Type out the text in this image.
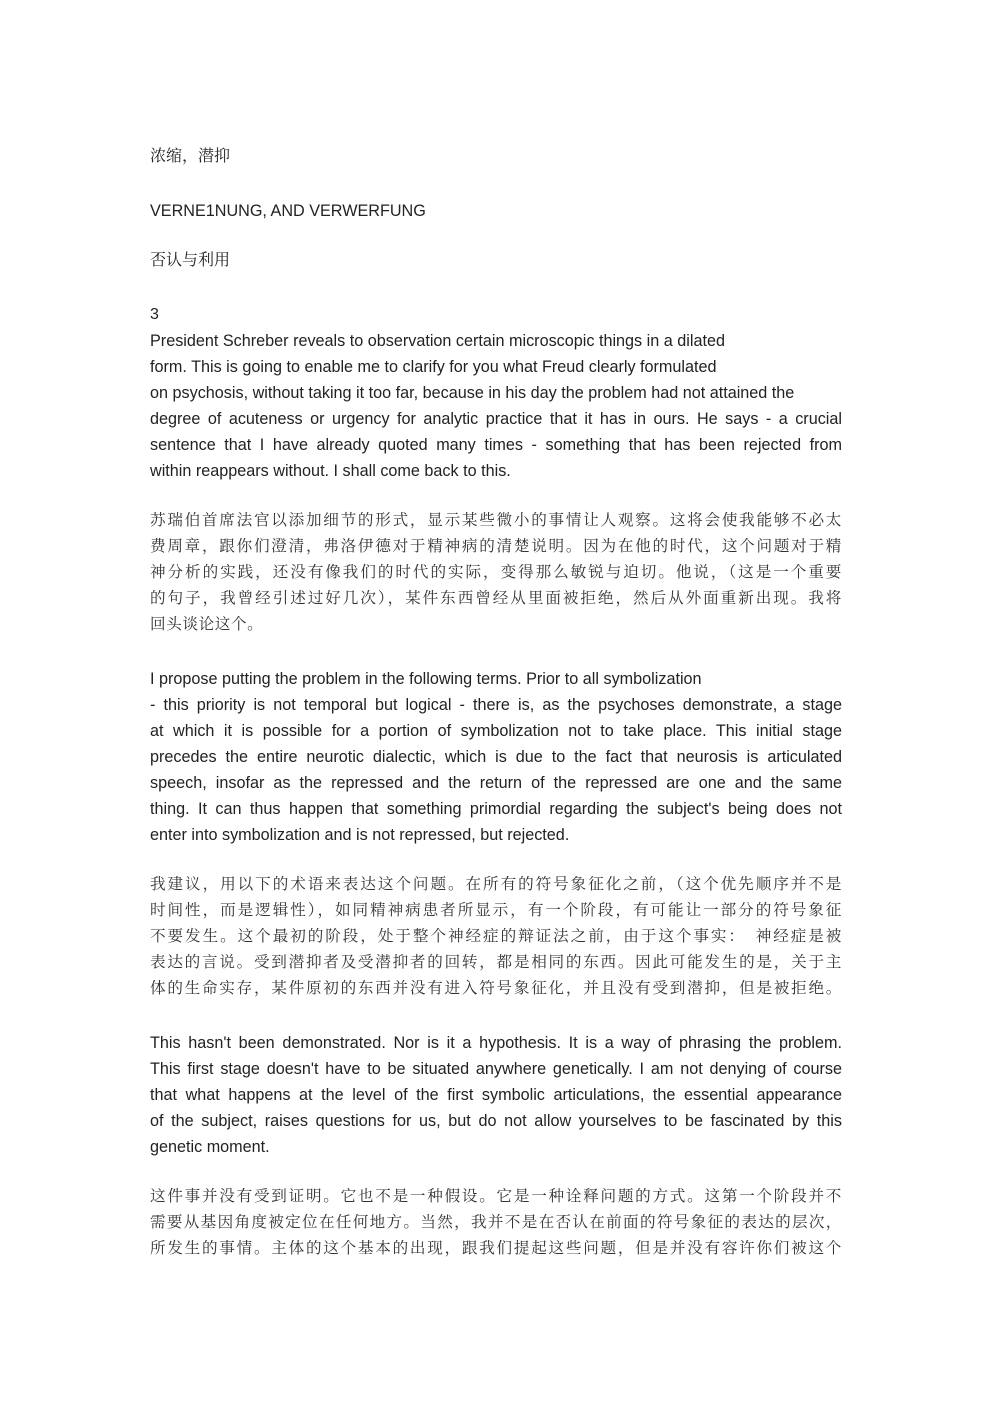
浓缩，潜抑

VERNE1NUNG, AND VERWERFUNG

否认与利用

3

President Schreber reveals to observation certain microscopic things in a dilated
form. This is going to enable me to clarify for you what Freud clearly formulated
on psychosis, without taking it too far, because in his day the problem had not attained the
degree of acuteness or urgency for analytic practice that it has in ours. He says - a crucial
sentence that I have already quoted many times - something that has been rejected from
within reappears without. I shall come back to this.
苏瑞伯首席法官以添加细节的形式，显示某些微小的事情让人观察。这将会使我能够不必太
费周章，跟你们澄清，弗洛伊德对于精神病的清楚说明。因为在他的时代，这个问题对于精
神分析的实践，还没有像我们的时代的实际，变得那么敏锐与迫切。他说，（这是一个重要
的句子，我曾经引述过好几次），某件东西曾经从里面被拒绝，然后从外面重新出现。我将
回头谈论这个。
I propose putting the problem in the following terms. Prior to all symbolization
- this priority is not temporal but logical - there is, as the psychoses demonstrate, a stage
at which it is possible for a portion of symbolization not to take place. This initial stage
precedes the entire neurotic dialectic, which is due to the fact that neurosis is articulated
speech, insofar as the repressed and the return of the repressed are one and the same
thing. It can thus happen that something primordial regarding the subject's being does not
enter into symbolization and is not repressed, but rejected.
我建议，用以下的术语来表达这个问题。在所有的符号象征化之前，（这个优先顺序并不是
时间性，而是逻辑性），如同精神病患者所显示，有一个阶段，有可能让一部分的符号象征
不要发生。这个最初的阶段，处于整个神经症的辩证法之前，由于这个事实：　神经症是被
表达的言说。受到潜抑者及受潜抑者的回转，都是相同的东西。因此可能发生的是，关于主
体的生命实存，某件原初的东西并没有进入符号象征化，并且没有受到潜抑，但是被拒绝。
This hasn't been demonstrated. Nor is it a hypothesis. It is a way of phrasing the problem.
This first stage doesn't have to be situated anywhere genetically. I am not denying of course
that what happens at the level of the first symbolic articulations, the essential appearance
of the subject, raises questions for us, but do not allow yourselves to be fascinated by this
genetic moment.
这件事并没有受到证明。它也不是一种假设。它是一种诠释问题的方式。这第一个阶段并不
需要从基因角度被定位在任何地方。当然，我并不是在否认在前面的符号象征的表达的层次，
所发生的事情。主体的这个基本的出现，跟我们提起这些问题，但是并没有容许你们被这个
